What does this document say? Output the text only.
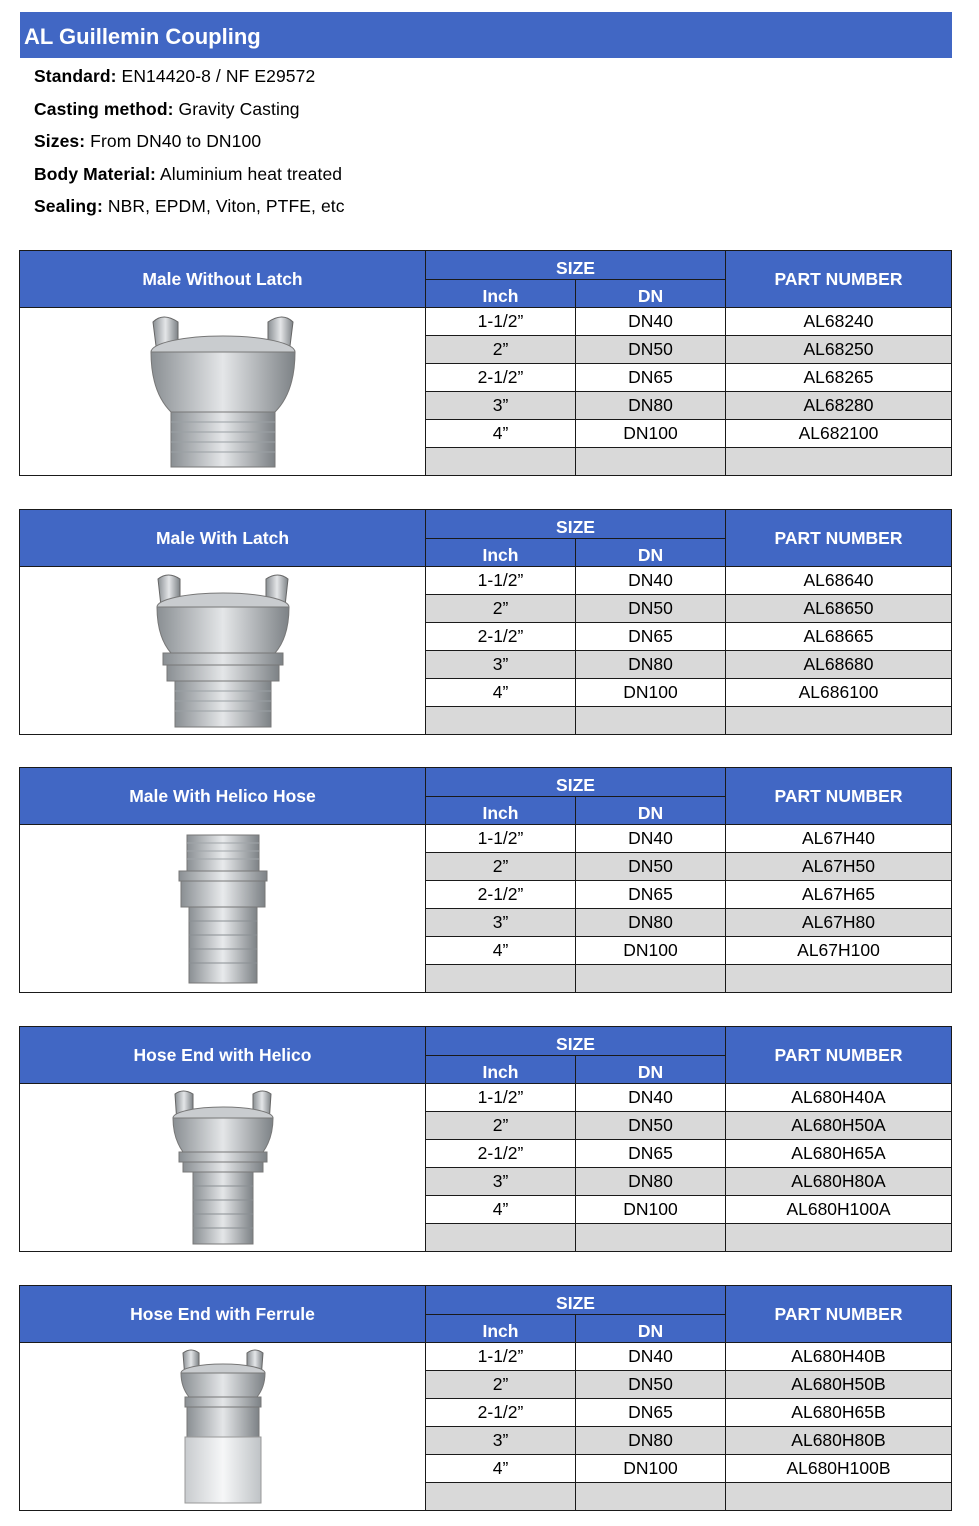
AL Guillemin Coupling
Standard: EN14420-8 / NF E29572
Casting method: Gravity Casting
Sizes: From DN40 to DN100
Body Material: Aluminium heat treated
Sealing: NBR, EPDM, Viton, PTFE, etc
Male Without Latch	SIZE		PART NUMBER
	Inch	DN	

	1-1/2”	DN40	AL68240
	2”	DN50	AL68250
	2-1/2”	DN65	AL68265
	3”	DN80	AL68280
	4”	DN100	AL682100

Male With Latch	SIZE		PART NUMBER
	Inch	DN	

	1-1/2”	DN40	AL68640
	2”	DN50	AL68650
	2-1/2”	DN65	AL68665
	3”	DN80	AL68680
	4”	DN100	AL686100

Male With Helico Hose	SIZE		PART NUMBER
	Inch	DN	

	1-1/2”	DN40	AL67H40
	2”	DN50	AL67H50
	2-1/2”	DN65	AL67H65
	3”	DN80	AL67H80
	4”	DN100	AL67H100

Hose End with Helico	SIZE		PART NUMBER
	Inch	DN	

	1-1/2”	DN40	AL680H40A
	2”	DN50	AL680H50A
	2-1/2”	DN65	AL680H65A
	3”	DN80	AL680H80A
	4”	DN100	AL680H100A

Hose End with Ferrule	SIZE		PART NUMBER
	Inch	DN	

	1-1/2”	DN40	AL680H40B
	2”	DN50	AL680H50B
	2-1/2”	DN65	AL680H65B
	3”	DN80	AL680H80B
	4”	DN100	AL680H100B
